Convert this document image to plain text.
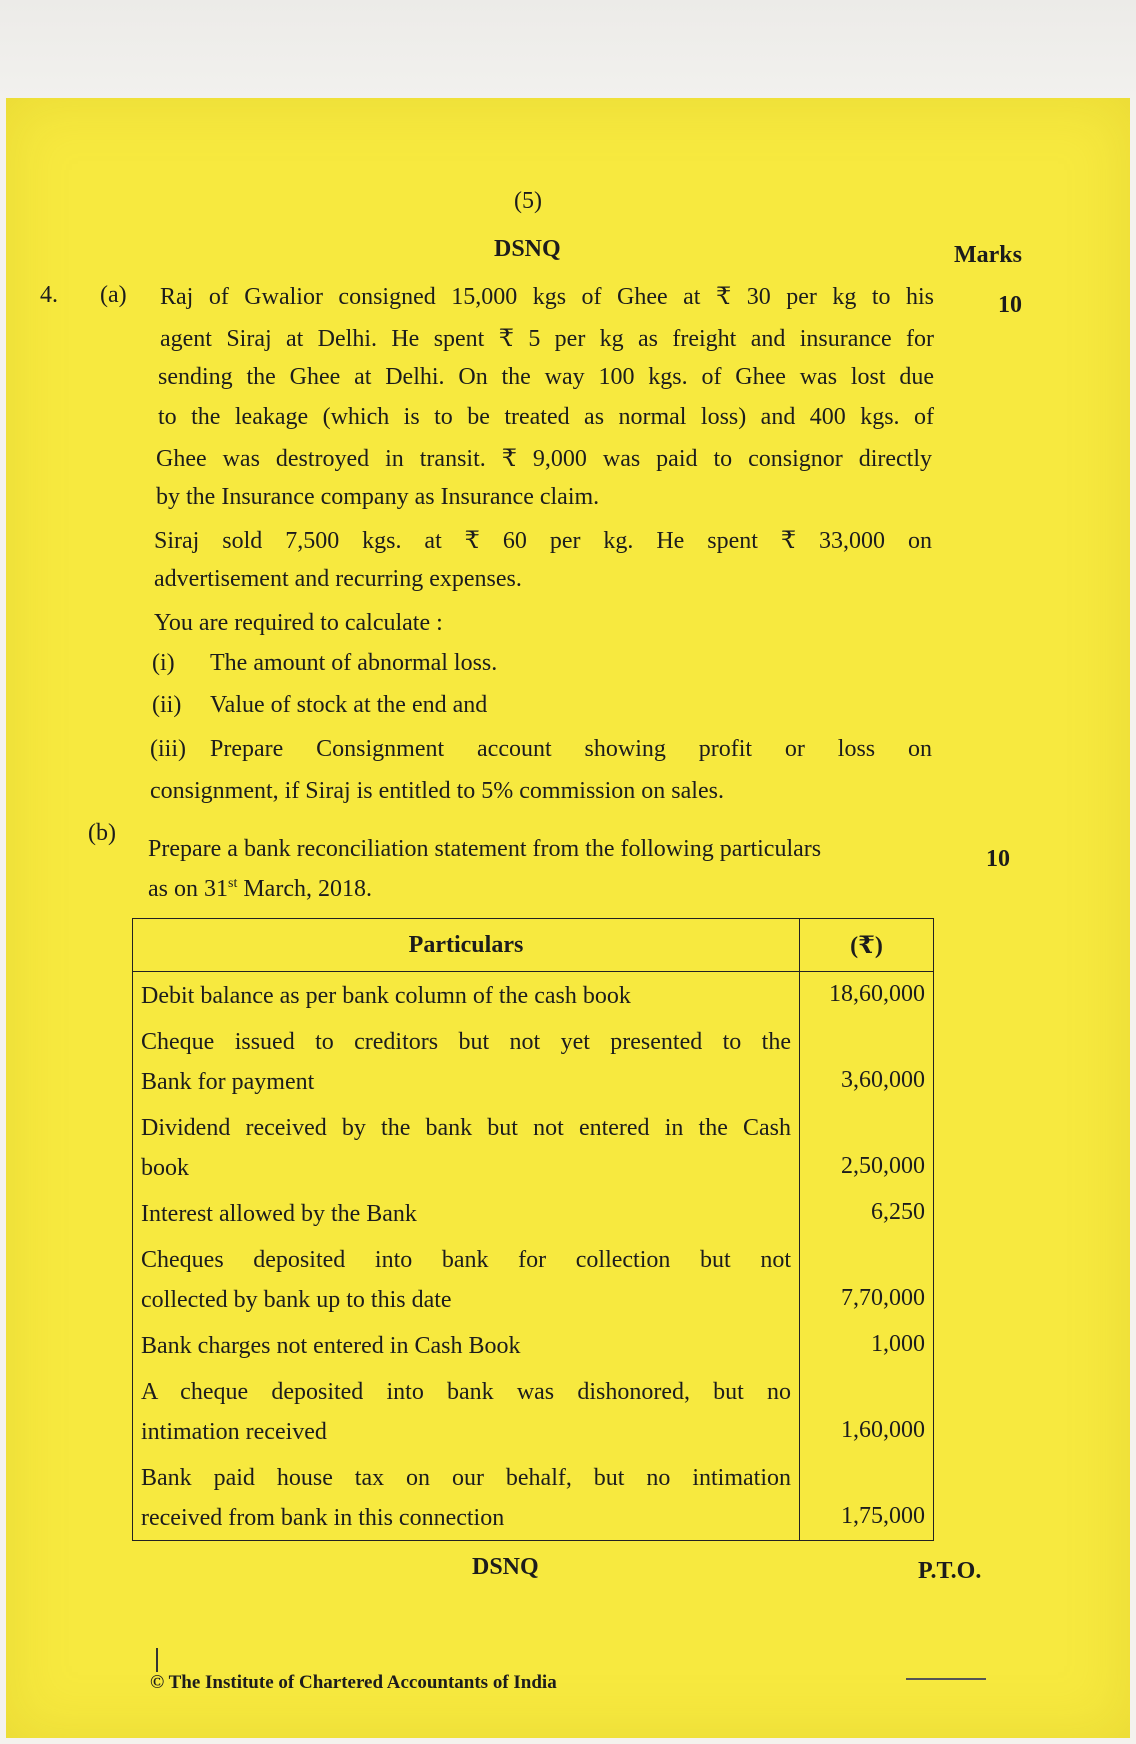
(5)
DSNQ	Marks
4. (a)	10
Raj of Gwalior consigned 15,000 kgs of Ghee at ₹ 30 per kg to his
agent Siraj at Delhi. He spent ₹ 5 per kg as freight and insurance for
sending the Ghee at Delhi. On the way 100 kgs. of Ghee was lost due
to the leakage (which is to be treated as normal loss) and 400 kgs. of
Ghee was destroyed in transit. ₹ 9,000 was paid to consignor directly
by the Insurance company as Insurance claim.
Siraj sold 7,500 kgs. at ₹ 60 per kg. He spent ₹ 33,000 on
advertisement and recurring expenses.
You are required to calculate :
(i) The amount of abnormal loss.
(ii) Value of stock at the end and
(iii) Prepare Consignment account showing profit or loss on
consignment, if Siraj is entitled to 5% commission on sales.
(b)
10
Prepare a bank reconciliation statement from the following particulars
as on 31st March, 2018.
Particulars	(₹)

Debit balance as per bank column of the cash book	18,60,000

Cheque issued to creditors but not yet presented to the
Bank for payment	3,60,000

Dividend received by the bank but not entered in the Cash
book	2,50,000

Interest allowed by the Bank	6,250

Cheques deposited into bank for collection but not
collected by bank up to this date	7,70,000

Bank charges not entered in Cash Book	1,000

A cheque deposited into bank was dishonored, but no
intimation received	1,60,000

Bank paid house tax on our behalf, but no intimation
received from bank in this connection	1,75,000
DSNQ	P.T.O.
© The Institute of Chartered Accountants of India
